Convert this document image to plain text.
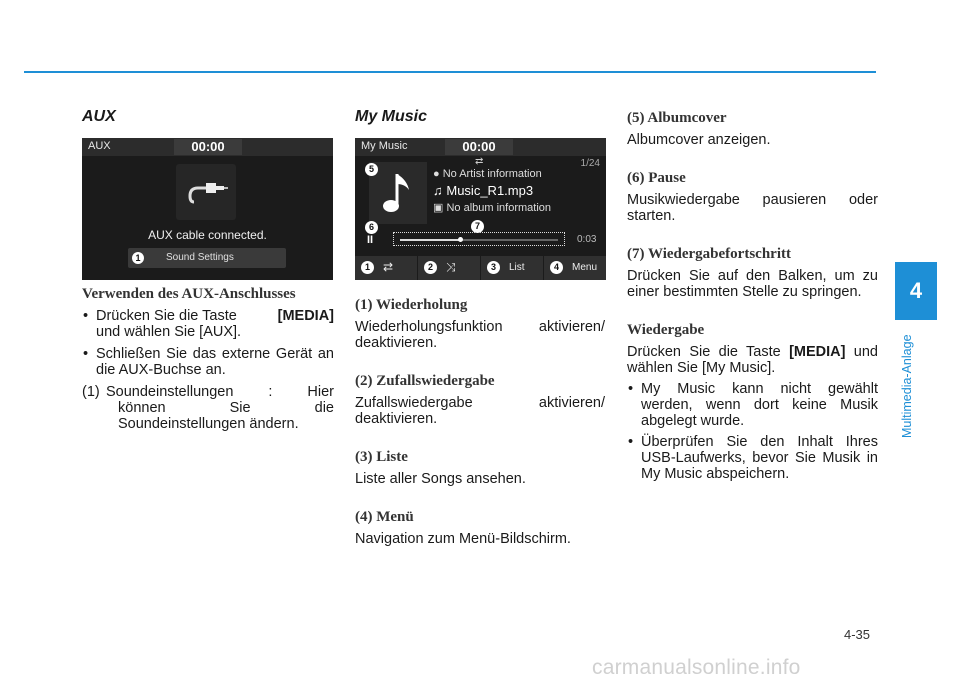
AUX
AUX	00:00
AUX cable connected.
1	Sound Settings
Verwenden des AUX-Anschlusses
• Drücken Sie die Taste	[MEDIA]

und wählen Sie [AUX].
• Schließen Sie das externe Gerät an die AUX-Buchse an.
(1) Soundeinstellungen : Hier
können Sie die
Soundeinstellungen ändern.
My Music
My Music	00:00
5
⇄	1/24
● No Artist information
♫ Music_R1.mp3
▣ No album information
6	7
II	0:03
1	⇄	2	⤨	3	List	4	Menu
(1) Wiederholung
Wiederholungsfunktion aktivieren/ deaktivieren.
(2) Zufallswiedergabe
Zufallswiedergabe aktivieren/ deaktivieren.
(3) Liste
Liste aller Songs ansehen.
(4) Menü
Navigation zum Menü-Bildschirm.
(5) Albumcover
Albumcover anzeigen.
(6) Pause
Musikwiedergabe pausieren oder starten.
(7) Wiedergabefortschritt
Drücken Sie auf den Balken, um zu einer bestimmten Stelle zu springen.
Wiedergabe
Drücken Sie die Taste [MEDIA] und wählen Sie [My Music].
• My Music kann nicht gewählt werden, wenn dort keine Musik abgelegt wurde.
• Überprüfen Sie den Inhalt Ihres USB-Laufwerks, bevor Sie Musik in My Music abspeichern.
4
Multimedia-Anlage
4-35
carmanualsonline.info
